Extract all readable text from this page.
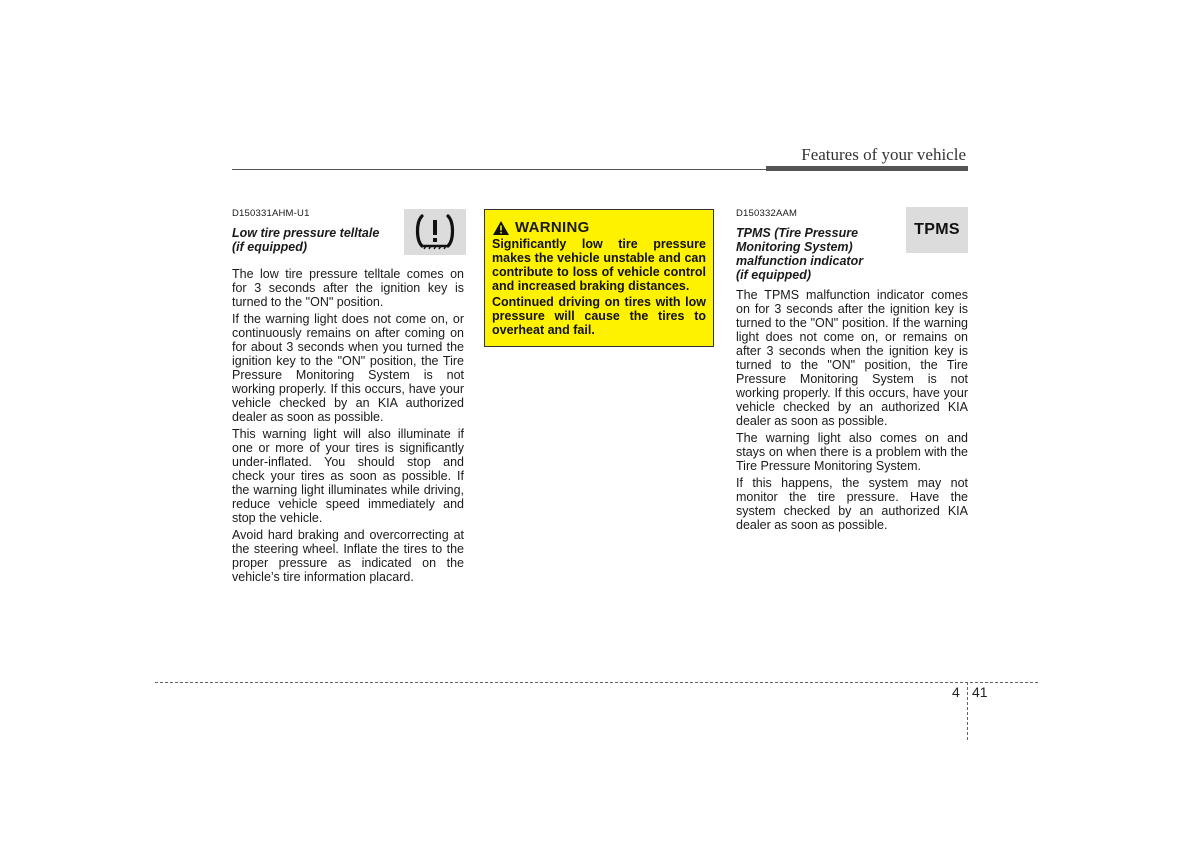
Features of your vehicle
D150331AHM-U1
Low tire pressure telltale
(if equipped)

The low tire pressure telltale comes on for 3 seconds after the ignition key is turned to the "ON" position.

If the warning light does not come on, or continuously remains on after coming on for about 3 seconds when you turned the ignition key to the "ON" position, the Tire Pressure Monitoring System is not working properly. If this occurs, have your vehicle checked by an KIA authorized dealer as soon as possible.

This warning light will also illuminate if one or more of your tires is significantly under-inflated. You should stop and check your tires as soon as possible. If the warning light illuminates while driving, reduce vehicle speed immediately and stop the vehicle.

Avoid hard braking and overcorrecting at the steering wheel. Inflate the tires to the proper pressure as indicated on the vehicle’s tire information placard.

WARNING

Significantly low tire pressure makes the vehicle unstable and can contribute to loss of vehicle control and increased braking distances.

Continued driving on tires with low pressure will cause the tires to overheat and fail.

D150332AAM
TPMS (Tire Pressure
Monitoring System)
malfunction indicator
(if equipped)

The TPMS malfunction indicator comes on for 3 seconds after the ignition key is turned to the "ON" position. If the warning light does not come on, or remains on after 3 seconds when the ignition key is turned to the "ON" position, the Tire Pressure Monitoring System is not working properly. If this occurs, have your vehicle checked by an authorized KIA dealer as soon as possible.

The warning light also comes on and stays on when there is a problem with the Tire Pressure Monitoring System.

If this happens, the system may not monitor the tire pressure. Have the system checked by an authorized KIA dealer as soon as possible.

TPMS
4 41
